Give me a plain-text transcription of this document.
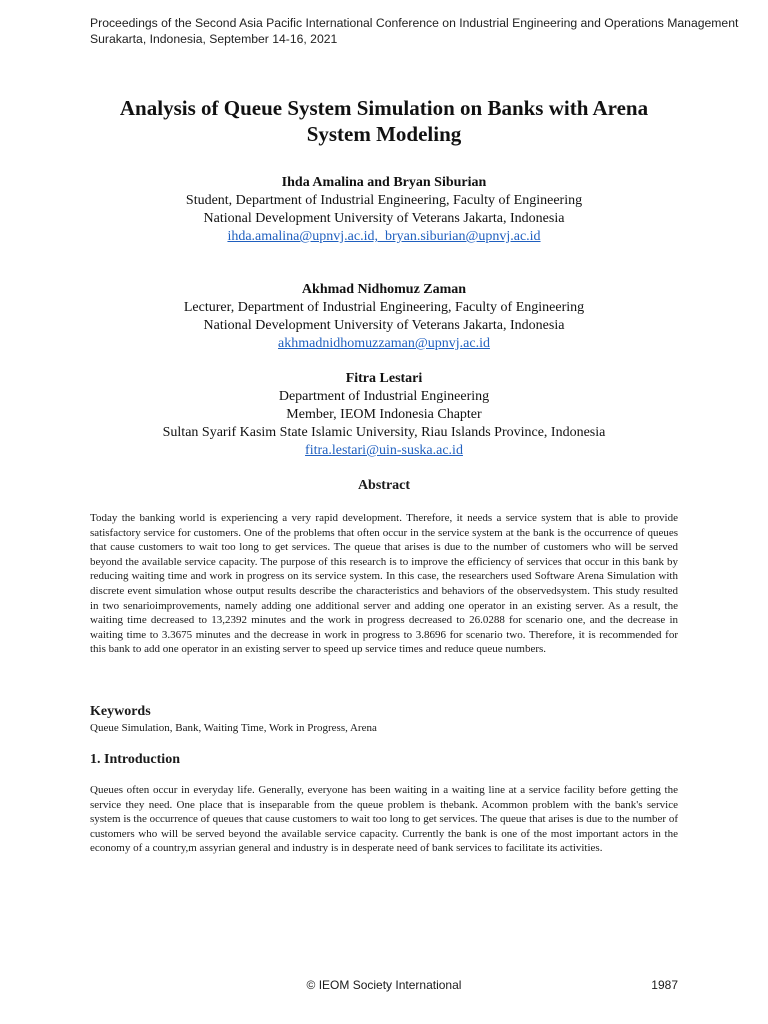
Proceedings of the Second Asia Pacific International Conference on Industrial Engineering and Operations Management
Surakarta, Indonesia, September 14-16, 2021
Analysis of Queue System Simulation on Banks with Arena
System Modeling
Ihda Amalina and Bryan Siburian
Student, Department of Industrial Engineering, Faculty of Engineering
National Development University of Veterans Jakarta, Indonesia
ihda.amalina@upnvj.ac.id,  bryan.siburian@upnvj.ac.id
Akhmad Nidhomuz Zaman
Lecturer, Department of Industrial Engineering, Faculty of Engineering
National Development University of Veterans Jakarta, Indonesia
akhmadnidhomuzzaman@upnvj.ac.id
Fitra Lestari
Department of Industrial Engineering
Member, IEOM Indonesia Chapter
Sultan Syarif Kasim State Islamic University, Riau Islands Province, Indonesia
fitra.lestari@uin-suska.ac.id
Abstract
Today the banking world is experiencing a very rapid development. Therefore, it needs a service system that is able to provide satisfactory service for customers. One of the problems that often occur in the service system at the bank is the occurrence of queues that cause customers to wait too long to get services. The queue that arises is due to the number of customers who will be served beyond the available service capacity. The purpose of this research is to improve the efficiency of services that occur in this bank by reducing waiting time and work in progress on its service system. In this case, the researchers used Software Arena Simulation with discrete event simulation whose output results describe the characteristics and behaviors of the observedsystem. This study resulted in two senarioimprovements, namely adding one additional server and adding one operator in an existing server. As a result, the waiting time decreased to 13,2392 minutes and the work in progress decreased to 26.0288 for scenario one, and the decrease in waiting time to 3.3675 minutes and the decrease in work in progress to 3.8696 for scenario two. Therefore, it is recommended for this bank to add one operator in an existing server to speed up service times and reduce queue numbers.
Keywords
Queue Simulation, Bank, Waiting Time, Work in Progress, Arena
1. Introduction
Queues often occur in everyday life. Generally, everyone has been waiting in a waiting line at a service facility before getting the service they need. One place that is inseparable from the queue problem is thebank. Acommon problem with the bank's service system is the occurrence of queues that cause customers to wait too long to get services. The queue that arises is due to the number of customers who will be served beyond the available service capacity. Currently the bank is one of the most important actors in the economy of a country,m assyrian general and industry is in desperate need of bank services to facilitate its activities.
© IEOM Society International	1987
